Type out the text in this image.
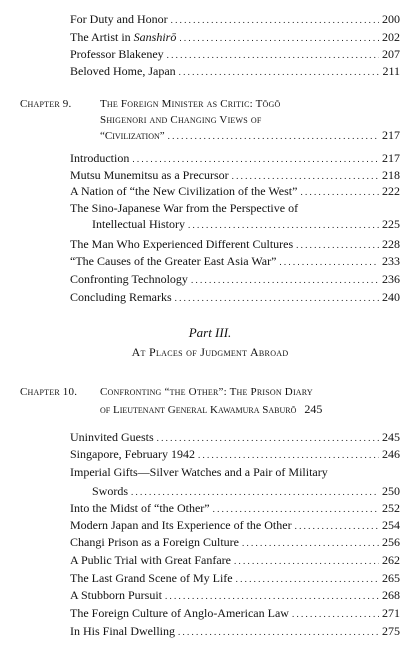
For Duty and Honor . . .	200
The Artist in Sanshirō . . .	202
Professor Blakeney . . .	207
Beloved Home, Japan . . .	211
Chapter 9.	The Foreign Minister as Critic: Tōgō
Shigenori and Changing Views of
“Civilization” . . .	217
Introduction . . .	217
Mutsu Munemitsu as a Precursor . . .	218
A Nation of “the New Civilization of the West” . . .	222
The Sino-Japanese War from the Perspective of
Intellectual History . . .	225
The Man Who Experienced Different Cultures . . .	228
“The Causes of the Greater East Asia War” . . .	233
Confronting Technology . . .	236
Concluding Remarks . . .	240
Part III.
At Places of Judgment Abroad
Chapter 10. Confronting “the Other”: The Prison Diary
of Lieutenant General Kawamura Saburō 245
Uninvited Guests . . .	245
Singapore, February 1942 . . .	246
Imperial Gifts—Silver Watches and a Pair of Military
Swords . . .	250
Into the Midst of “the Other” . . .	252
Modern Japan and Its Experience of the Other . . .	254
Changi Prison as a Foreign Culture . . .	256
A Public Trial with Great Fanfare . . .	262
The Last Grand Scene of My Life . . .	265
A Stubborn Pursuit . . .	268
The Foreign Culture of Anglo-American Law . . .	271
In His Final Dwelling . . .	275
